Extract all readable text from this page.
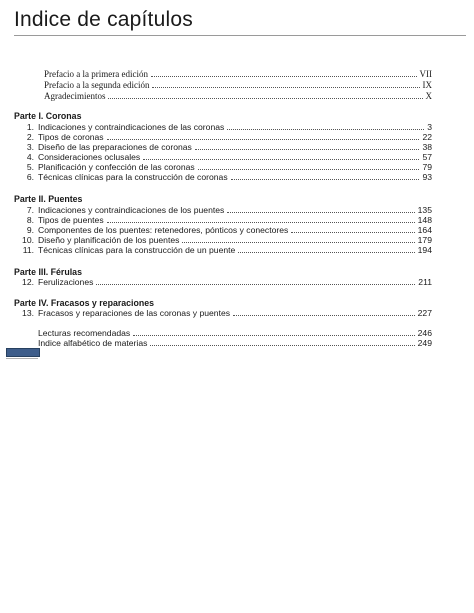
Indice de capítulos
Prefacio a la primera edición	VII
Prefacio a la segunda edición	IX
Agradecimientos	X
Parte I. Coronas
1. Indicaciones y contraindicaciones de las coronas	3
2. Tipos de coronas	22
3. Diseño de las preparaciones de coronas	38
4. Consideraciones oclusales	57
5. Planificación y confección de las coronas	79
6. Técnicas clínicas para la construcción de coronas	93
Parte II. Puentes
7. Indicaciones y contraindicaciones de los puentes	135
8. Tipos de puentes	148
9. Componentes de los puentes: retenedores, pónticos y conectores	164
10. Diseño y planificación de los puentes	179
11. Técnicas clínicas para la construcción de un puente	194
Parte III. Férulas
12. Ferulizaciones	211
Parte IV. Fracasos y reparaciones
13. Fracasos y reparaciones de las coronas y puentes	227
Lecturas recomendadas	246
Indice alfabético de materias	249
